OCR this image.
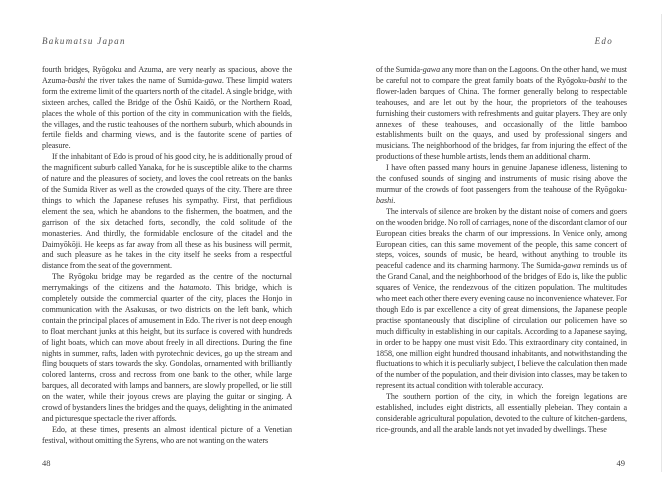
Bakumatsu Japan

fourth bridges, Ryōgoku and Azuma, are very nearly as spacious, above the Azuma-bashi the river takes the name of Sumida-gawa. These limpid waters form the extreme limit of the quarters north of the citadel. A single bridge, with sixteen arches, called the Bridge of the Ōshū Kaidō, or the Northern Road, places the whole of this portion of the city in communication with the fields, the villages, and the rustic teahouses of the northern suburb, which abounds in fertile fields and charming views, and is the fautorite scene of parties of pleasure.

If the inhabitant of Edo is proud of his good city, he is additionally proud of the magnificent suburb called Yanaka, for he is susceptible alike to the charms of nature and the pleasures of society, and loves the cool retreats on the banks of the Sumida River as well as the crowded quays of the city. There are three things to which the Japanese refuses his sympathy. First, that perfidious element the sea, which he abandons to the fishermen, the boatmen, and the garrison of the six detached forts, secondly, the cold solitude of the monasteries. And thirdly, the formidable enclosure of the citadel and the Daimyōkōji. He keeps as far away from all these as his business will permit, and such pleasure as he takes in the city itself he seeks from a respectful distance from the seat of the government.

The Ryōgoku bridge may be regarded as the centre of the nocturnal merrymakings of the citizens and the hatamoto. This bridge, which is completely outside the commercial quarter of the city, places the Honjo in communication with the Asakusas, or two districts on the left bank, which contain the principal places of amusement in Edo. The river is not deep enough to float merchant junks at this height, but its surface is covered with hundreds of light boats, which can move about freely in all directions. During the fine nights in summer, rafts, laden with pyrotechnic devices, go up the stream and fling bouquets of stars towards the sky. Gondolas, ornamented with brilliantly colored lanterns, cross and recross from one bank to the other, while large barques, all decorated with lamps and banners, are slowly propelled, or lie still on the water, while their joyous crews are playing the guitar or singing. A crowd of bystanders lines the bridges and the quays, delighting in the animated and picturesque spectacle the river affords.

Edo, at these times, presents an almost identical picture of a Venetian festival, without omitting the Syrens, who are not wanting on the waters

Edo

of the Sumida-gawa any more than on the Lagoons. On the other hand, we must be careful not to compare the great family boats of the Ryōgoku-bashi to the flower-laden barques of China. The former generally belong to respectable teahouses, and are let out by the hour, the proprietors of the teahouses furnishing their customers with refreshments and guitar players. They are only annexes of these teahouses, and occasionally of the little bamboo establishments built on the quays, and used by professional singers and musicians. The neighborhood of the bridges, far from injuring the effect of the productions of these humble artists, lends them an additional charm.

I have often passed many hours in genuine Japanese idleness, listening to the confused sounds of singing and instruments of music rising above the murmur of the crowds of foot passengers from the teahouse of the Ryōgoku-bashi.

The intervals of silence are broken by the distant noise of comers and goers on the wooden bridge. No roll of carriages, none of the discordant clamor of our European cities breaks the charm of our impressions. In Venice only, among European cities, can this same movement of the people, this same concert of steps, voices, sounds of music, be heard, without anything to trouble its peaceful cadence and its charming harmony. The Sumida-gawa reminds us of the Grand Canal, and the neighborhood of the bridges of Edo is, like the public squares of Venice, the rendezvous of the citizen population. The multitudes who meet each other there every evening cause no inconvenience whatever. For though Edo is par excellence a city of great dimensions, the Japanese people practise spontaneously that discipline of circulation our policemen have so much difficulty in establishing in our capitals. According to a Japanese saying, in order to be happy one must visit Edo. This extraordinary city contained, in 1858, one million eight hundred thousand inhabitants, and notwithstanding the fluctuations to which it is peculiarly subject, I believe the calculation then made of the number of the population, and their division into classes, may be taken to represent its actual condition with tolerable accuracy.

The southern portion of the city, in which the foreign legations are established, includes eight districts, all essentially plebeian. They contain a considerable agricultural population, devoted to the culture of kitchen-gardens, rice-grounds, and all the arable lands not yet invaded by dwellings. These

48	49
